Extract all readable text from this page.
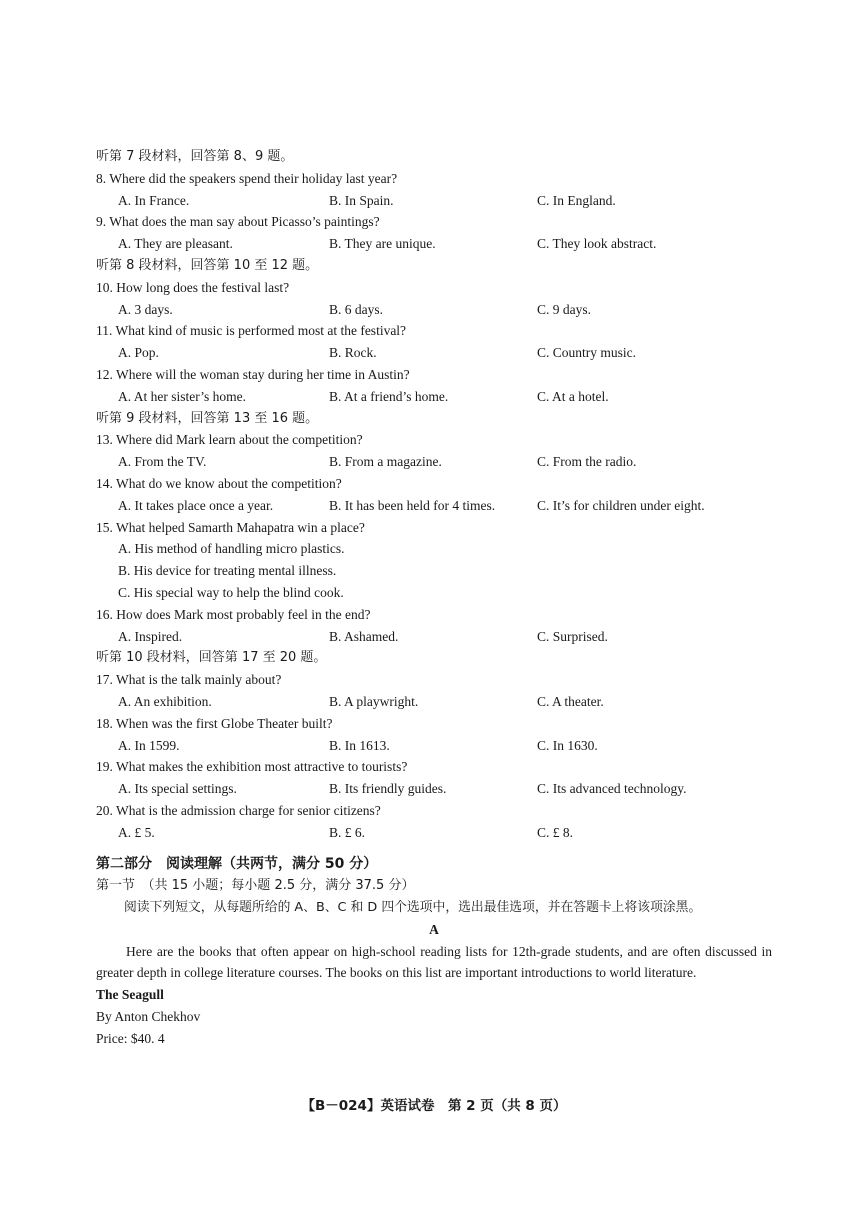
听第 7 段材料，回答第 8、9 题。
8. Where did the speakers spend their holiday last year?
A. In France.	B. In Spain.	C. In England.
9. What does the man say about Picasso’s paintings?
A. They are pleasant.	B. They are unique.	C. They look abstract.
听第 8 段材料，回答第 10 至 12 题。
10. How long does the festival last?
A. 3 days.	B. 6 days.	C. 9 days.
11. What kind of music is performed most at the festival?
A. Pop.	B. Rock.	C. Country music.
12. Where will the woman stay during her time in Austin?
A. At her sister’s home.	B. At a friend’s home.	C. At a hotel.
听第 9 段材料，回答第 13 至 16 题。
13. Where did Mark learn about the competition?
A. From the TV.	B. From a magazine.	C. From the radio.
14. What do we know about the competition?
A. It takes place once a year.	B. It has been held for 4 times.	C. It’s for children under eight.
15. What helped Samarth Mahapatra win a place?
A. His method of handling micro plastics.
B. His device for treating mental illness.
C. His special way to help the blind cook.
16. How does Mark most probably feel in the end?
A. Inspired.	B. Ashamed.	C. Surprised.
听第 10 段材料，回答第 17 至 20 题。
17. What is the talk mainly about?
A. An exhibition.	B. A playwright.	C. A theater.
18. When was the first Globe Theater built?
A. In 1599.	B. In 1613.	C. In 1630.
19. What makes the exhibition most attractive to tourists?
A. Its special settings.	B. Its friendly guides.	C. Its advanced technology.
20. What is the admission charge for senior citizens?
A. £ 5.	B. £ 6.	C. £ 8.
第二部分　阅读理解（共两节，满分 50 分）
第一节　（共 15 小题；每小题 2.5 分，满分 37.5 分）
阅读下列短文，从每题所给的 A、B、C 和 D 四个选项中，选出最佳选项，并在答题卡上将该项涂黑。
A
Here are the books that often appear on high-school reading lists for 12th-grade students, and are often discussed in greater depth in college literature courses. The books on this list are important introductions to world literature.
The Seagull
By Anton Chekhov
Price: $40. 4
【B－024】英语试卷　第 2 页（共 8 页）
